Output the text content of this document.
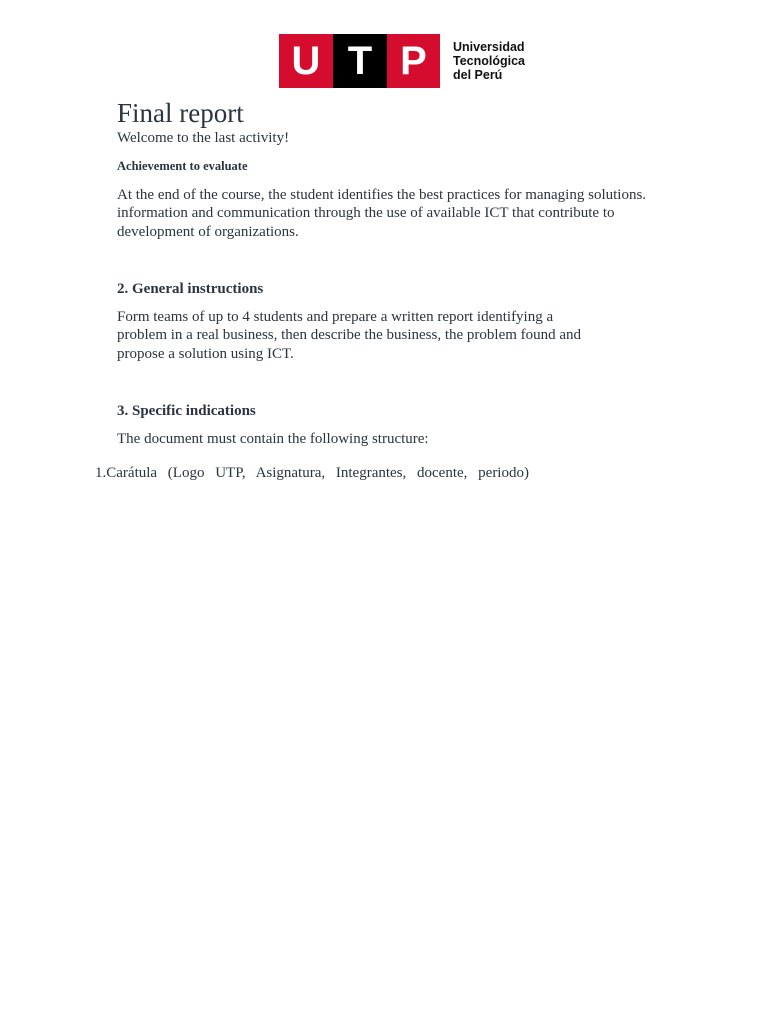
U T P	Universidad
Tecnológica
del Perú
Final report
Welcome to the last activity!
Achievement to evaluate
At the end of the course, the student identifies the best practices for managing solutions.
information and communication through the use of available ICT that contribute to
development of organizations.
2. General instructions
Form teams of up to 4 students and prepare a written report identifying a
problem in a real business, then describe the business, the problem found and
propose a solution using ICT.
3. Specific indications
The document must contain the following structure:
1.Carátula (Logo UTP, Asignatura, Integrantes, docente, periodo)
